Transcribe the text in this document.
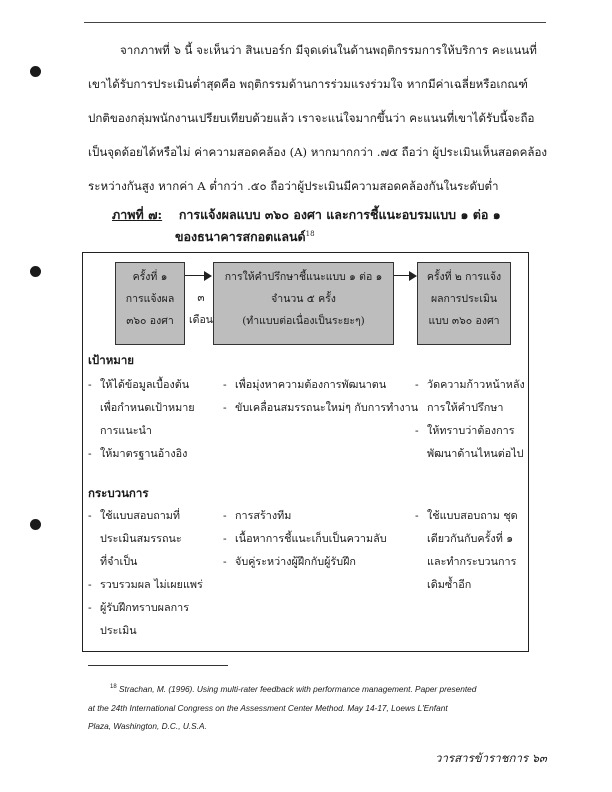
จากภาพที่ ๖ นี้ จะเห็นว่า สินเบอร์ก มีจุดเด่นในด้านพฤติกรรมการให้บริการ คะแนนที่
เขาได้รับการประเมินต่ำสุดคือ พฤติกรรมด้านการร่วมแรงร่วมใจ หากมีค่าเฉลี่ยหรือเกณฑ์
ปกติของกลุ่มพนักงานเปรียบเทียบด้วยแล้ว เราจะแน่ใจมากขึ้นว่า คะแนนที่เขาได้รับนี้จะถือ
เป็นจุดด้อยได้หรือไม่ ค่าความสอดคล้อง (A) หากมากกว่า .๗๕ ถือว่า ผู้ประเมินเห็นสอดคล้อง
ระหว่างกันสูง หากค่า A ต่ำกว่า .๕๐ ถือว่าผู้ประเมินมีความสอดคล้องกันในระดับต่ำ
ภาพที่ ๗: การแจ้งผลแบบ ๓๖๐ องศา และการชี้แนะอบรมแบบ ๑ ต่อ ๑
ของธนาคารสกอตแลนด์$^{18}$
ครั้งที่ ๑
การแจ้งผล
๓๖๐ องศา
๓
เดือน
การให้คำปรึกษาชี้แนะแบบ ๑ ต่อ ๑
จำนวน ๕ ครั้ง
(ทำแบบต่อเนื่องเป็นระยะๆ)
ครั้งที่ ๒ การแจ้ง
ผลการประเมิน
แบบ ๓๖๐ องศา
เป้าหมาย
- ให้ได้ข้อมูลเบื้องต้น
เพื่อกำหนดเป้าหมาย
การแนะนำ
- ให้มาตรฐานอ้างอิง
- เพื่อมุ่งหาความต้องการพัฒนาตน
- ขับเคลื่อนสมรรถนะใหม่ๆ กับการทำงาน
- วัดความก้าวหน้าหลัง
การให้คำปรึกษา
- ให้ทราบว่าต้องการ
พัฒนาด้านไหนต่อไป
กระบวนการ
- ใช้แบบสอบถามที่
ประเมินสมรรถนะ
ที่จำเป็น
- รวบรวมผล ไม่เผยแพร่
- ผู้รับฝึกทราบผลการ
ประเมิน
- การสร้างทีม
- เนื้อหาการชี้แนะเก็บเป็นความลับ
- จับคู่ระหว่างผู้ฝึกกับผู้รับฝึก
- ใช้แบบสอบถาม ชุด
เดียวกันกับครั้งที่ ๑
และทำกระบวนการ
เดิมซ้ำอีก
$^{18}$ Strachan, M. (1996). Using multi-rater feedback with performance management. Paper presented
at the 24th International Congress on the Assessment Center Method. May 14-17, Loews L'Enfant
Plaza, Washington, D.C., U.S.A.
วารสารข้าราชการ ๖๓
